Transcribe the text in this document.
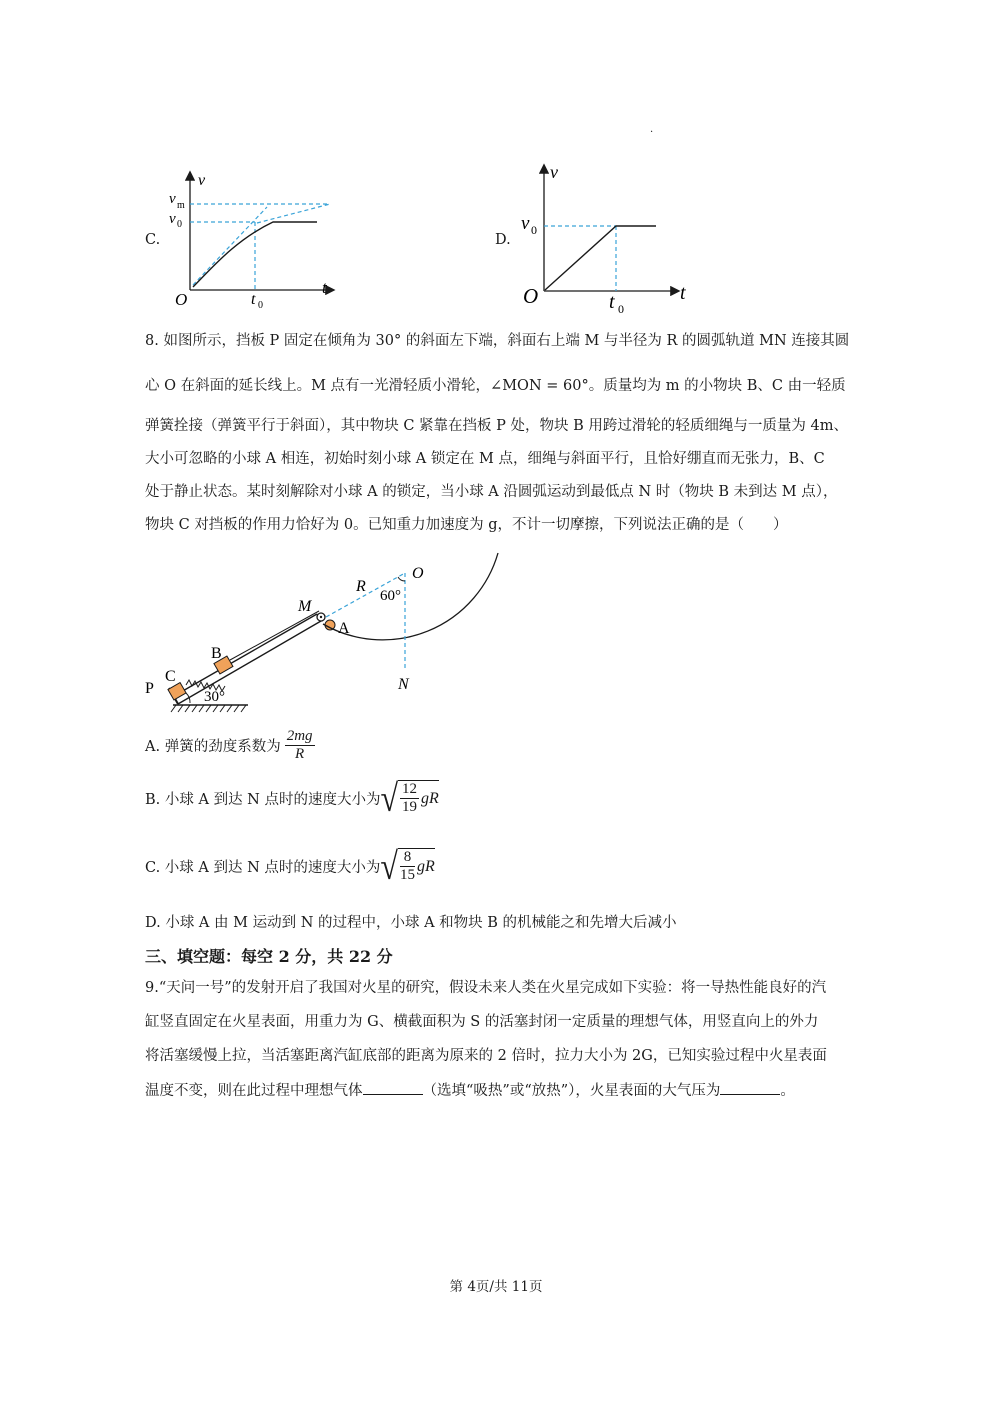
.
C.
v
t
O
v m
v 0
t 0
D.
v
t
O
v 0
t 0
8. 如图所示，挡板 P 固定在倾角为 30° 的斜面左下端，斜面右上端 M 与半径为 R 的圆弧轨道 MN 连接其圆
心 O 在斜面的延长线上。M 点有一光滑轻质小滑轮，∠MON = 60°。质量均为 m 的小物块 B、C 由一轻质
弹簧拴接（弹簧平行于斜面），其中物块 C 紧靠在挡板 P 处，物块 B 用跨过滑轮的轻质细绳与一质量为 4m、
大小可忽略的小球 A 相连，初始时刻小球 A 锁定在 M 点，细绳与斜面平行，且恰好绷直而无张力，B、C
处于静止状态。某时刻解除对小球 A 的锁定，当小球 A 沿圆弧运动到最低点 N 时（物块 B 未到达 M 点），
物块 C 对挡板的作用力恰好为 0。已知重力加速度为 g，不计一切摩擦，下列说法正确的是（　　）
P
C
B
M
A
R
O
N
30°
60°
A. 弹簧的劲度系数为 $\frac{2mg}{R}$
B. 小球 A 到达 N 点时的速度大小为 √ $\frac{12}{19}$ gR
C. 小球 A 到达 N 点时的速度大小为 √ $\frac{8}{15}$ gR
D. 小球 A 由 M 运动到 N 的过程中，小球 A 和物块 B 的机械能之和先增大后减小
三、填空题：每空 2 分，共 22 分
9.“天问一号”的发射开启了我国对火星的研究，假设未来人类在火星完成如下实验：将一导热性能良好的汽
缸竖直固定在火星表面，用重力为 G、横截面积为 S 的活塞封闭一定质量的理想气体，用竖直向上的外力
将活塞缓慢上拉，当活塞距离汽缸底部的距离为原来的 2 倍时，拉力大小为 2G，已知实验过程中火星表面
温度不变，则在此过程中理想气体	（选填“吸热”或“放热”），火星表面的大气压为	。
第 4页/共 11页
